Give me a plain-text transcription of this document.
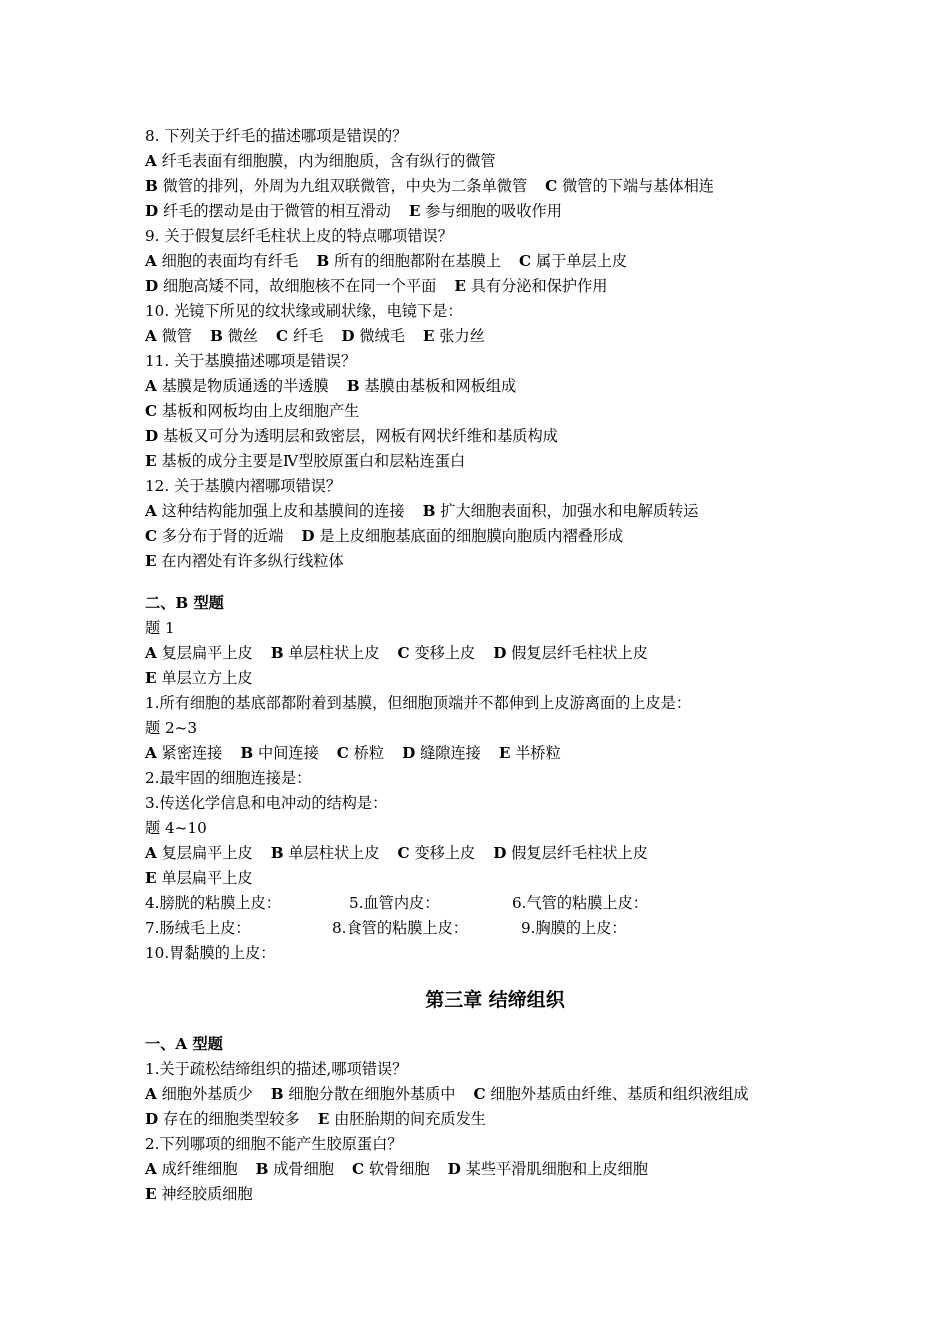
8. 下列关于纤毛的描述哪项是错误的？
A 纤毛表面有细胞膜，内为细胞质，含有纵行的微管
B 微管的排列，外周为九组双联微管，中央为二条单微管 C 微管的下端与基体相连
D 纤毛的摆动是由于微管的相互滑动 E 参与细胞的吸收作用
9. 关于假复层纤毛柱状上皮的特点哪项错误？
A 细胞的表面均有纤毛 B 所有的细胞都附在基膜上 C 属于单层上皮
D 细胞高矮不同，故细胞核不在同一个平面 E 具有分泌和保护作用
10. 光镜下所见的纹状缘或刷状缘，电镜下是：
A 微管 B 微丝 C 纤毛 D 微绒毛 E 张力丝
11. 关于基膜描述哪项是错误？
A 基膜是物质通透的半透膜 B 基膜由基板和网板组成
C 基板和网板均由上皮细胞产生
D 基板又可分为透明层和致密层，网板有网状纤维和基质构成
E 基板的成分主要是Ⅳ型胶原蛋白和层粘连蛋白
12. 关于基膜内褶哪项错误？
A 这种结构能加强上皮和基膜间的连接 B 扩大细胞表面积，加强水和电解质转运
C 多分布于肾的近端 D 是上皮细胞基底面的细胞膜向胞质内褶叠形成
E 在内褶处有许多纵行线粒体
二、B 型题
题 1
A 复层扁平上皮 B 单层柱状上皮 C 变移上皮 D 假复层纤毛柱状上皮
E 单层立方上皮
1.所有细胞的基底部都附着到基膜，但细胞顶端并不都伸到上皮游离面的上皮是：
题 2~3
A 紧密连接 B 中间连接 C 桥粒 D 缝隙连接 E 半桥粒
2.最牢固的细胞连接是：
3.传送化学信息和电冲动的结构是：
题 4~10
A 复层扁平上皮 B 单层柱状上皮 C 变移上皮 D 假复层纤毛柱状上皮
E 单层扁平上皮
4.膀胱的粘膜上皮：	5.血管内皮：	6.气管的粘膜上皮：
7.肠绒毛上皮：	8.食管的粘膜上皮：	9.胸膜的上皮：
10.胃黏膜的上皮：
第三章 结缔组织
一、A 型题
1.关于疏松结缔组织的描述,哪项错误？
A 细胞外基质少 B 细胞分散在细胞外基质中 C 细胞外基质由纤维、基质和组织液组成
D 存在的细胞类型较多 E 由胚胎期的间充质发生
2.下列哪项的细胞不能产生胶原蛋白？
A 成纤维细胞 B 成骨细胞 C 软骨细胞 D 某些平滑肌细胞和上皮细胞
E 神经胶质细胞
